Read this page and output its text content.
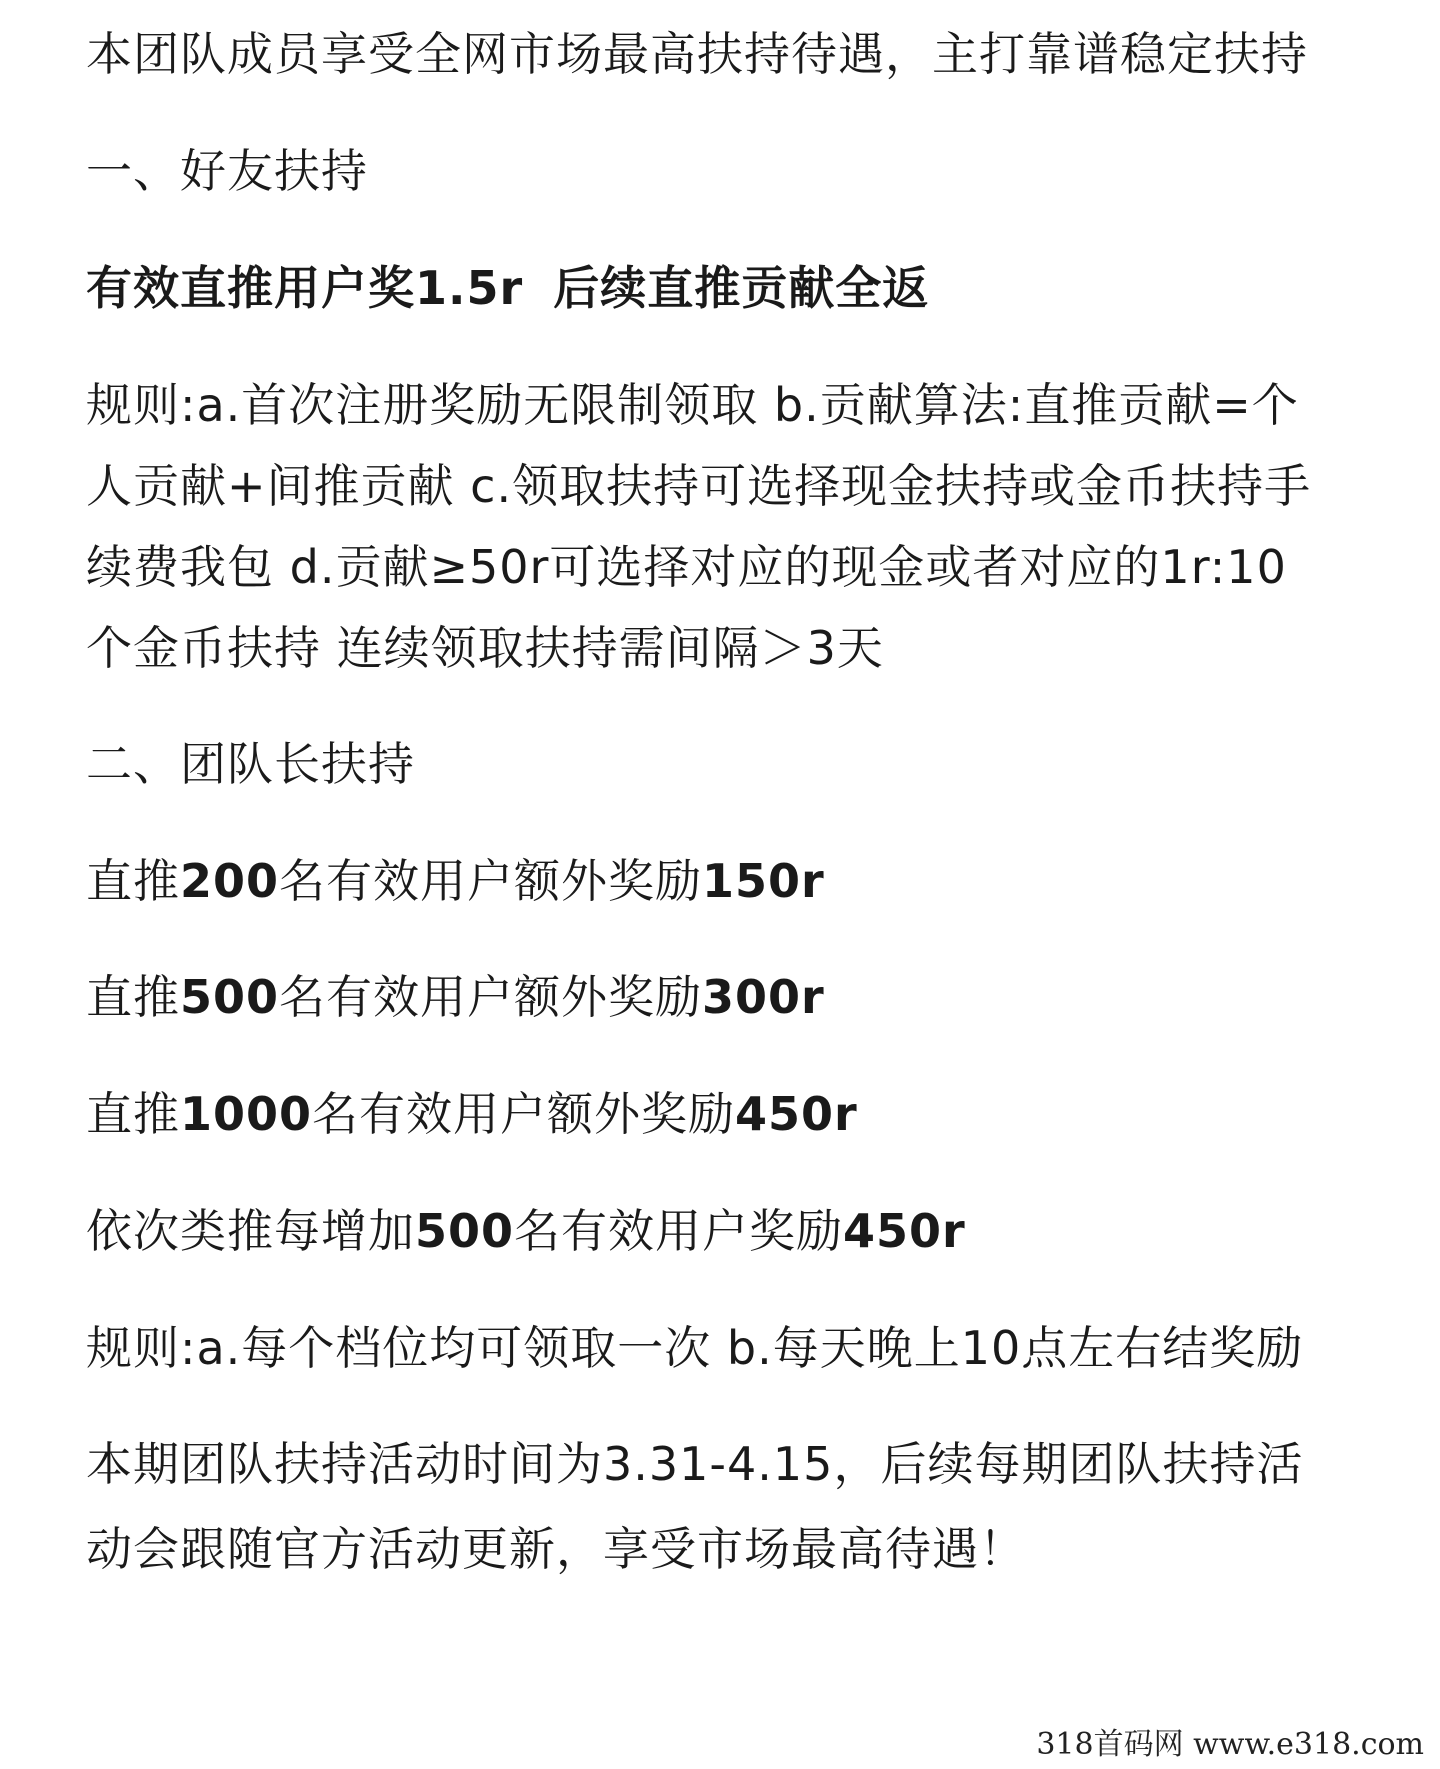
本团队成员享受全网市场最高扶持待遇，主打靠谱稳定扶持
一、好友扶持
有效直推用户奖1.5r 后续直推贡献全返
规则:a.首次注册奖励无限制领取 b.贡献算法:直推贡献=个
人贡献+间推贡献 c.领取扶持可选择现金扶持或金币扶持手
续费我包 d.贡献≥50r可选择对应的现金或者对应的1r:10
个金币扶持 连续领取扶持需间隔＞3天
二、团队长扶持
直推200名有效用户额外奖励150r
直推500名有效用户额外奖励300r
直推1000名有效用户额外奖励450r
依次类推每增加500名有效用户奖励450r
规则:a.每个档位均可领取一次 b.每天晚上10点左右结奖励
本期团队扶持活动时间为3.31-4.15，后续每期团队扶持活
动会跟随官方活动更新，享受市场最高待遇！
318首码网 www.e318.com
